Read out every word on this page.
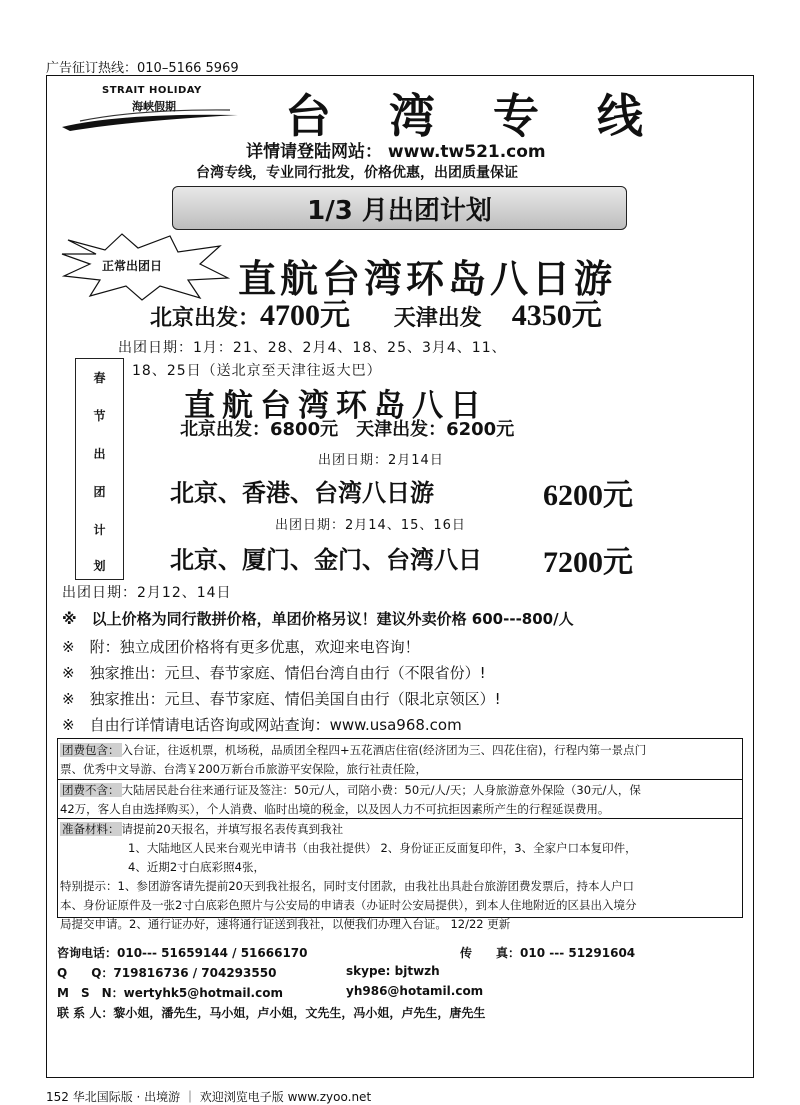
广告征订热线：010–5166 5969
STRAIT HOLIDAY
海峡假期 台湾专线
详情请登陆网站： www.tw521.com
台湾专线，专业同行批发，价格优惠，出团质量保证
1/3 月出团计划
正常出团日 直航台湾环岛八日游
北京出发：4700元 天津出发 4350元
出团日期：1月：21、28、2月4、18、25、3月4、11、
18、25日（送北京至天津往返大巴）
春
节
出
团
计
划
直航台湾环岛八日
北京出发：6800元　天津出发：6200元
出团日期：2月14日
北京、香港、台湾八日游	6200元
出团日期：2月14、15、16日
北京、厦门、金门、台湾八日 7200元
出团日期：2月12、14日
※　以上价格为同行散拼价格，单团价格另议！建议外卖价格 600---800/人
※　附：独立成团价格将有更多优惠，欢迎来电咨询！
※　独家推出：元旦、春节家庭、情侣台湾自由行（不限省份）!
※　独家推出：元旦、春节家庭、情侣美国自由行（限北京领区）!
※　自由行详情请电话咨询或网站查询：www.usa968.com
团费包含： 入台证，往返机票，机场税，品质团全程四+五花酒店住宿(经济团为三、四花住宿)，行程内第一景点门
票、优秀中文导游、台湾￥200万新台币旅游平安保险，旅行社责任险，
团费不含： 大陆居民赴台往来通行证及签注：50元/人，司陪小费：50元/人/天；人身旅游意外保险（30元/人，保
42万，客人自由选择购买），个人消费、临时出境的税金，以及因人力不可抗拒因素所产生的行程延误费用。
准备材料： 请提前20天报名，并填写报名表传真到我社
1、大陆地区人民来台观光申请书（由我社提供） 2、身份证正反面复印件，3、全家户口本复印件，
4、近期2寸白底彩照4张，
特别提示：1、参团游客请先提前20天到我社报名，同时支付团款，由我社出具赴台旅游团费发票后，持本人户口
本、身份证原件及一张2寸白底彩色照片与公安局的申请表（办证时公安局提供），到本人住地附近的区县出入境分
局提交申请。2、通行证办好，速将通行证送到我社，以便我们办理入台证。 12/22 更新
咨询电话：010--- 51659144 / 51666170	传　　真：010 --- 51291604
Q　　Q：719816736 / 704293550	skype: bjtwzh
M　S　N：wertyhk5@hotmail.com	yh986@hotamil.com
联 系 人：黎小姐，潘先生，马小姐，卢小姐，文先生，冯小姐，卢先生，唐先生
152 华北国际版 · 出境游 ｜ 欢迎浏览电子版 www.zyoo.net
